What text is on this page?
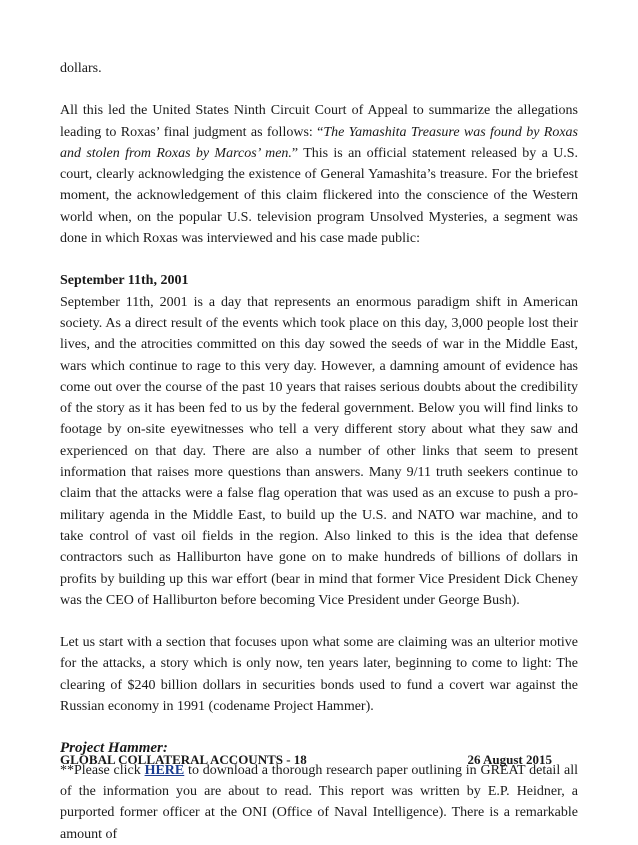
dollars.

All this led the United States Ninth Circuit Court of Appeal to summarize the allegations leading to Roxas’ final judgment as follows: “The Yamashita Treasure was found by Roxas and stolen from Roxas by Marcos’ men.” This is an official statement released by a U.S. court, clearly acknowledging the existence of General Yamashita’s treasure. For the briefest moment, the acknowledgement of this claim flickered into the conscience of the Western world when, on the popular U.S. television program Unsolved Mysteries, a segment was done in which Roxas was interviewed and his case made public:

September 11th, 2001

September 11th, 2001 is a day that represents an enormous paradigm shift in American society. As a direct result of the events which took place on this day, 3,000 people lost their lives, and the atrocities committed on this day sowed the seeds of war in the Middle East, wars which continue to rage to this very day. However, a damning amount of evidence has come out over the course of the past 10 years that raises serious doubts about the credibility of the story as it has been fed to us by the federal government. Below you will find links to footage by on-site eyewitnesses who tell a very different story about what they saw and experienced on that day. There are also a number of other links that seem to present information that raises more questions than answers. Many 9/11 truth seekers continue to claim that the attacks were a false flag operation that was used as an excuse to push a pro-military agenda in the Middle East, to build up the U.S. and NATO war machine, and to take control of vast oil fields in the region. Also linked to this is the idea that defense contractors such as Halliburton have gone on to make hundreds of billions of dollars in profits by building up this war effort (bear in mind that former Vice President Dick Cheney was the CEO of Halliburton before becoming Vice President under George Bush).

Let us start with a section that focuses upon what some are claiming was an ulterior motive for the attacks, a story which is only now, ten years later, beginning to come to light: The clearing of $240 billion dollars in securities bonds used to fund a covert war against the Russian economy in 1991 (codename Project Hammer).

Project Hammer:

**Please click HERE to download a thorough research paper outlining in GREAT detail all of the information you are about to read. This report was written by E.P. Heidner, a purported former officer at the ONI (Office of Naval Intelligence). There is a remarkable amount of

GLOBAL COLLATERAL ACCOUNTS - 18	26 August 2015
